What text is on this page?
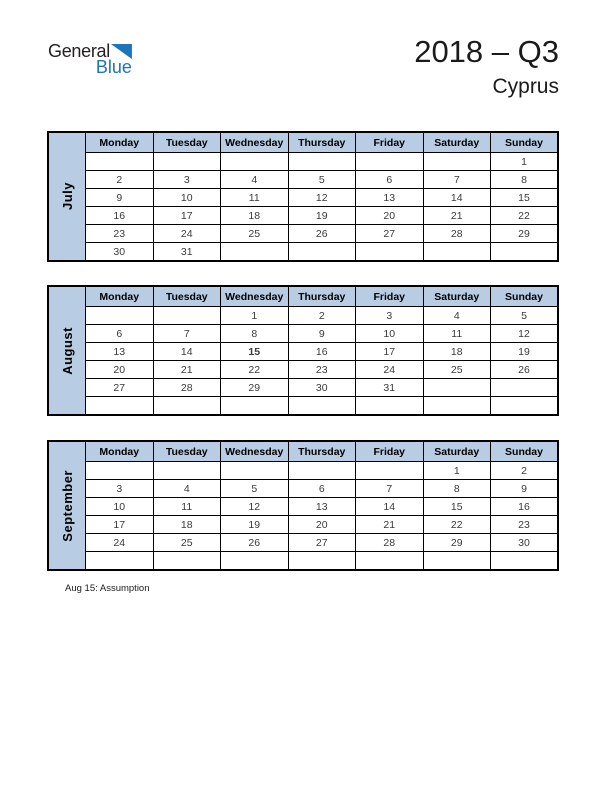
General
Blue	2018 – Q3
Cyprus
July	Monday	Tuesday	Wednesday	Thursday	Friday	Saturday	Sunday
							1
	2	3	4	5	6	7	8
	9	10	11	12	13	14	15
	16	17	18	19	20	21	22
	23	24	25	26	27	28	29
	30	31					
August	Monday	Tuesday	Wednesday	Thursday	Friday	Saturday	Sunday
			1	2	3	4	5
	6	7	8	9	10	11	12
	13	14	15	16	17	18	19
	20	21	22	23	24	25	26
	27	28	29	30	31		

September	Monday	Tuesday	Wednesday	Thursday	Friday	Saturday	Sunday
						1	2
	3	4	5	6	7	8	9
	10	11	12	13	14	15	16
	17	18	19	20	21	22	23
	24	25	26	27	28	29	30

Aug 15: Assumption
